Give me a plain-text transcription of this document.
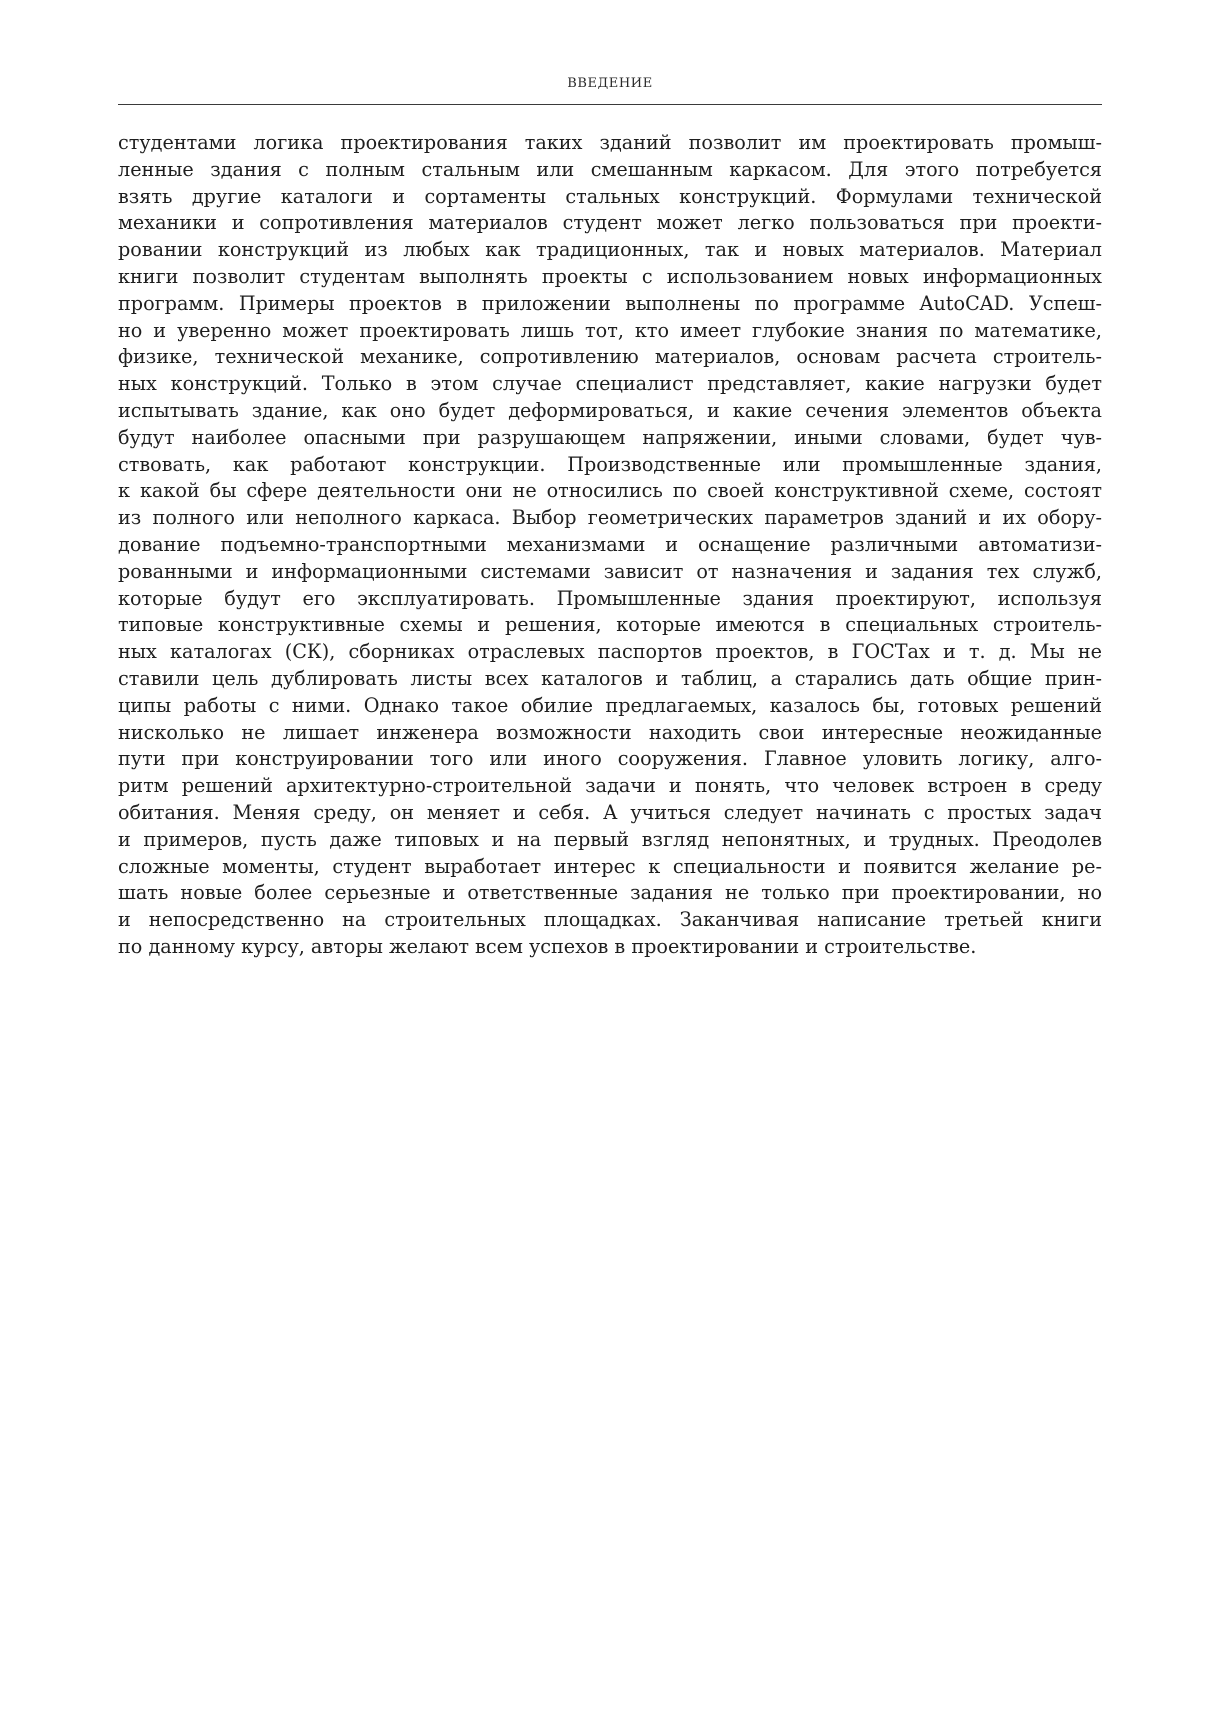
ВВЕДЕНИЕ
студентами логика проектирования таких зданий позволит им проектировать промыш-
ленные здания с полным стальным или смешанным каркасом. Для этого потребуется
взять другие каталоги и сортаменты стальных конструкций. Формулами технической
механики и сопротивления материалов студент может легко пользоваться при проекти-
ровании конструкций из любых как традиционных, так и новых материалов. Материал
книги позволит студентам выполнять проекты с использованием новых информационных
программ. Примеры проектов в приложении выполнены по программе AutoCAD. Успеш-
но и уверенно может проектировать лишь тот, кто имеет глубокие знания по математике,
физике, технической механике, сопротивлению материалов, основам расчета строитель-
ных конструкций. Только в этом случае специалист представляет, какие нагрузки будет
испытывать здание, как оно будет деформироваться, и какие сечения элементов объекта
будут наиболее опасными при разрушающем напряжении, иными словами, будет чув-
ствовать, как работают конструкции. Производственные или промышленные здания,
к какой бы сфере деятельности они не относились по своей конструктивной схеме, состоят
из полного или неполного каркаса. Выбор геометрических параметров зданий и их обору-
дование подъемно-транспортными механизмами и оснащение различными автоматизи-
рованными и информационными системами зависит от назначения и задания тех служб,
которые будут его эксплуатировать. Промышленные здания проектируют, используя
типовые конструктивные схемы и решения, которые имеются в специальных строитель-
ных каталогах (СК), сборниках отраслевых паспортов проектов, в ГОСТах и т. д. Мы не
ставили цель дублировать листы всех каталогов и таблиц, а старались дать общие прин-
ципы работы с ними. Однако такое обилие предлагаемых, казалось бы, готовых решений
нисколько не лишает инженера возможности находить свои интересные неожиданные
пути при конструировании того или иного сооружения. Главное уловить логику, алго-
ритм решений архитектурно-строительной задачи и понять, что человек встроен в среду
обитания. Меняя среду, он меняет и себя. А учиться следует начинать с простых задач
и примеров, пусть даже типовых и на первый взгляд непонятных, и трудных. Преодолев
сложные моменты, студент выработает интерес к специальности и появится желание ре-
шать новые более серьезные и ответственные задания не только при проектировании, но
и непосредственно на строительных площадках. Заканчивая написание третьей книги
по данному курсу, авторы желают всем успехов в проектировании и строительстве.
